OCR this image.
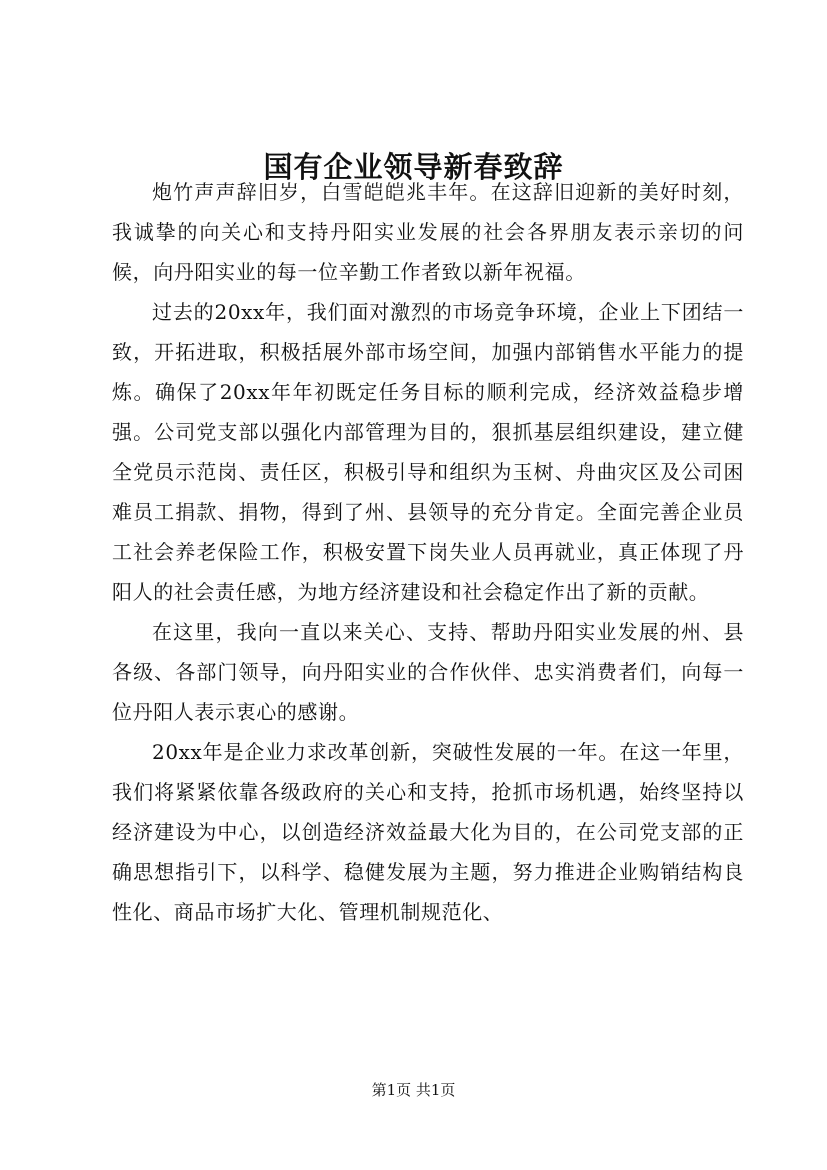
国有企业领导新春致辞

炮竹声声辞旧岁，白雪皑皑兆丰年。在这辞旧迎新的美好时刻，我诚挚的向关心和支持丹阳实业发展的社会各界朋友表示亲切的问候，向丹阳实业的每一位辛勤工作者致以新年祝福。

过去的20xx年，我们面对激烈的市场竞争环境，企业上下团结一致，开拓进取，积极括展外部市场空间，加强内部销售水平能力的提炼。确保了20xx年年初既定任务目标的顺利完成，经济效益稳步增强。公司党支部以强化内部管理为目的，狠抓基层组织建设，建立健全党员示范岗、责任区，积极引导和组织为玉树、舟曲灾区及公司困难员工捐款、捐物，得到了州、县领导的充分肯定。全面完善企业员工社会养老保险工作，积极安置下岗失业人员再就业，真正体现了丹阳人的社会责任感，为地方经济建设和社会稳定作出了新的贡献。

在这里，我向一直以来关心、支持、帮助丹阳实业发展的州、县各级、各部门领导，向丹阳实业的合作伙伴、忠实消费者们，向每一位丹阳人表示衷心的感谢。

20xx年是企业力求改革创新，突破性发展的一年。在这一年里，我们将紧紧依靠各级政府的关心和支持，抢抓市场机遇，始终坚持以经济建设为中心，以创造经济效益最大化为目的，在公司党支部的正确思想指引下，以科学、稳健发展为主题，努力推进企业购销结构良性化、商品市场扩大化、管理机制规范化、

第1页 共1页
